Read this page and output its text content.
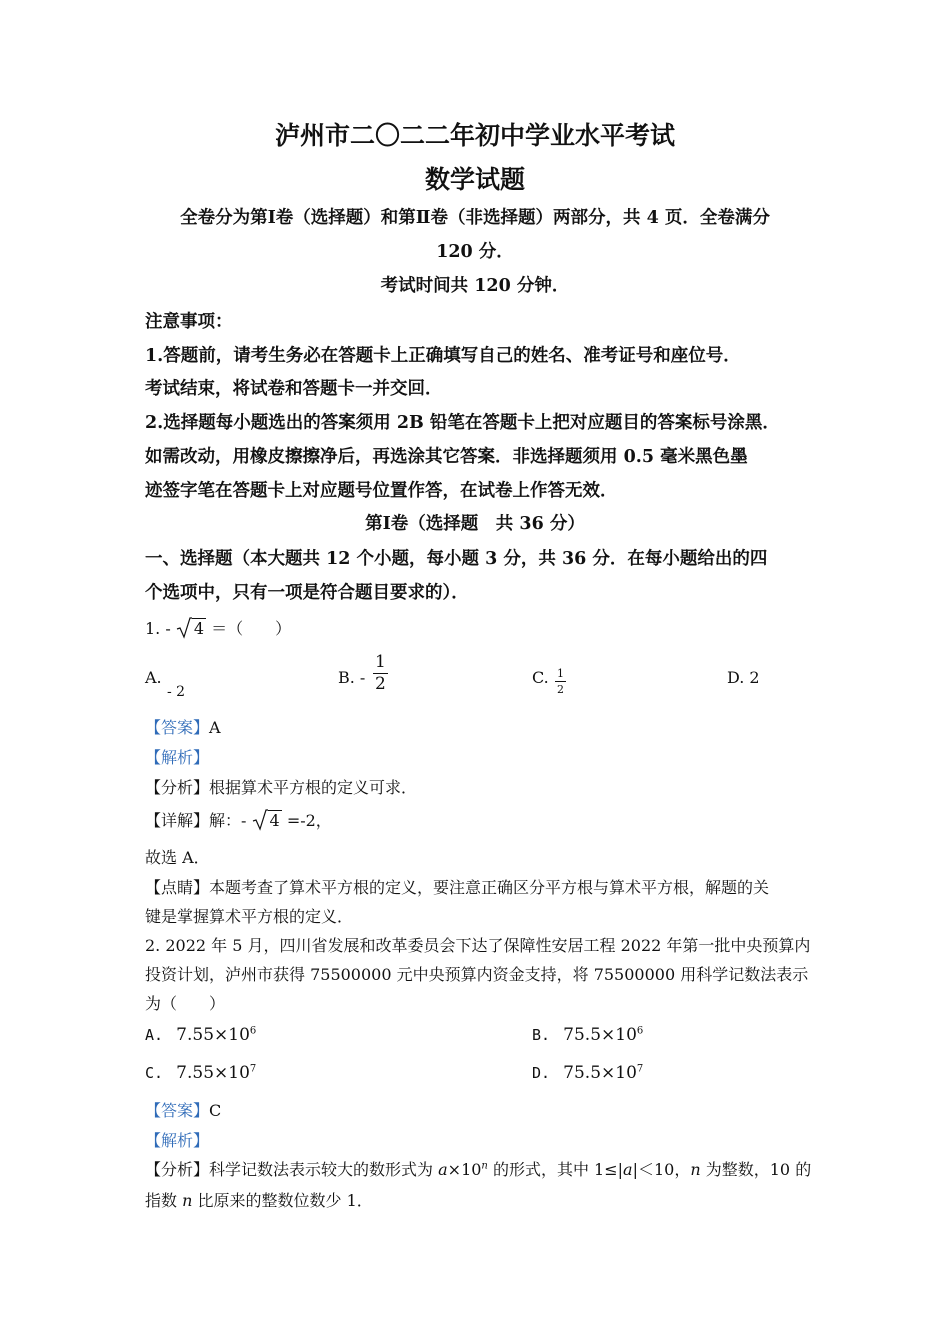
泸州市二〇二二年初中学业水平考试
数学试题
全卷分为第Ⅰ卷（选择题）和第Ⅱ卷（非选择题）两部分，共 4 页．全卷满分
120 分．
考试时间共 120 分钟．
注意事项：
1.答题前，请考生务必在答题卡上正确填写自己的姓名、准考证号和座位号．
考试结束，将试卷和答题卡一并交回．
2.选择题每小题选出的答案须用 2B 铅笔在答题卡上把对应题目的答案标号涂黑．
如需改动，用橡皮擦擦净后，再选涂其它答案．非选择题须用 0.5 毫米黑色墨
迹签字笔在答题卡上对应题号位置作答，在试卷上作答无效．
第Ⅰ卷（选择题　共 36 分）
一、选择题（本大题共 12 个小题，每小题 3 分，共 36 分．在每小题给出的四
个选项中，只有一项是符合题目要求的）．
1. - 4 ＝（　　）
A.
- 2
B. - $\frac{1}{2}$	C. $\frac{1}{2}$	D. 2
【答案】A
【解析】
【分析】根据算术平方根的定义可求．
【详解】解：- 4 =-2，
故选 A．
【点睛】本题考查了算术平方根的定义，要注意正确区分平方根与算术平方根，解题的关
键是掌握算术平方根的定义．
2. 2022 年 5 月，四川省发展和改革委员会下达了保障性安居工程 2022 年第一批中央预算内
投资计划，泸州市获得 75500000 元中央预算内资金支持，将 75500000 用科学记数法表示
为（　　）
A. $7.55\times 10^6$	B. $75.5\times 10^6$
C. $7.55\times 10^7$	D. $75.5\times 10^7$
【答案】C
【解析】
【分析】科学记数法表示较大的数形式为 $a\times 10^n$ 的形式，其中 1≤|a|＜10，n 为整数，10 的
指数 n 比原来的整数位数少 1．
